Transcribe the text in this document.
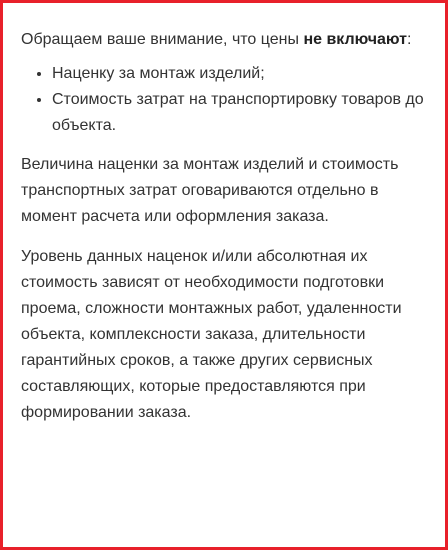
Обращаем ваше внимание, что цены не включают:

• Наценку за монтаж изделий;
• Стоимость затрат на транспортировку товаров до объекта.

Величина наценки за монтаж изделий и стоимость транспортных затрат оговариваются отдельно в момент расчета или оформления заказа.

Уровень данных наценок и/или абсолютная их стоимость зависят от необходимости подготовки проема, сложности монтажных работ, удаленности объекта, комплексности заказа, длительности гарантийных сроков, а также других сервисных составляющих, которые предоставляются при формировании заказа.
